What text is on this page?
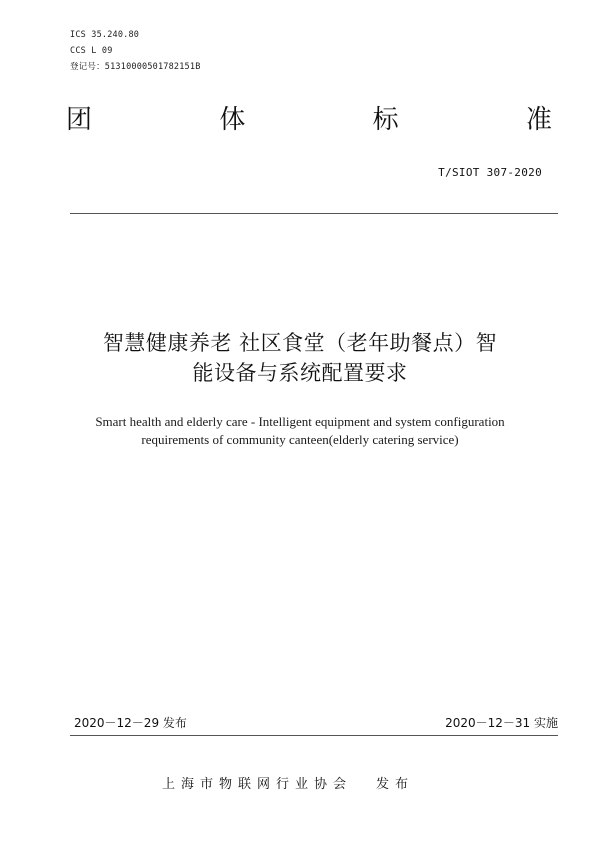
ICS 35.240.80
CCS L 09
登记号：51310000501782151B
团	体	标	准
T/SIOT 307-2020
智慧健康养老 社区食堂（老年助餐点）智
能设备与系统配置要求
Smart health and elderly care - Intelligent equipment and system configuration
requirements of community canteen(elderly catering service)
2020－12－29 发布	2020－12－31 实施
上海市物联网行业协会 发布
